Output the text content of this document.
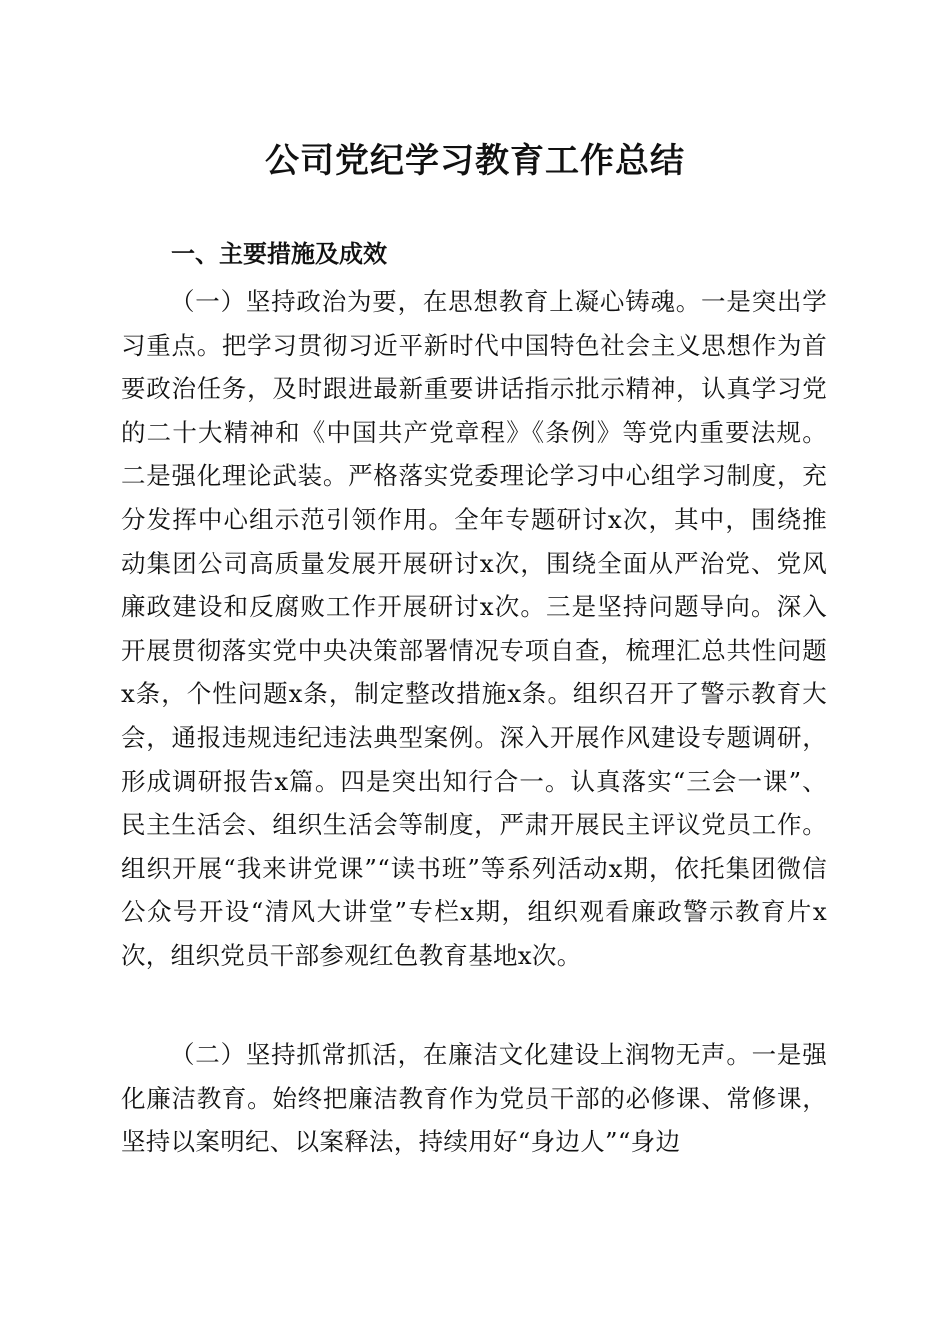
公司党纪学习教育工作总结
一、主要措施及成效

（一）坚持政治为要，在思想教育上凝心铸魂。一是突出学习重点。把学习贯彻习近平新时代中国特色社会主义思想作为首要政治任务，及时跟进最新重要讲话指示批示精神，认真学习党的二十大精神和《中国共产党章程》《条例》等党内重要法规。二是强化理论武装。严格落实党委理论学习中心组学习制度，充分发挥中心组示范引领作用。全年专题研讨x次，其中，围绕推动集团公司高质量发展开展研讨x次，围绕全面从严治党、党风廉政建设和反腐败工作开展研讨x次。三是坚持问题导向。深入开展贯彻落实党中央决策部署情况专项自查，梳理汇总共性问题x条，个性问题x条，制定整改措施x条。组织召开了警示教育大会，通报违规违纪违法典型案例。深入开展作风建设专题调研，形成调研报告x篇。四是突出知行合一。认真落实“三会一课”、民主生活会、组织生活会等制度，严肃开展民主评议党员工作。组织开展“我来讲党课”“读书班”等系列活动x期，依托集团微信公众号开设“清风大讲堂”专栏x期，组织观看廉政警示教育片x次，组织党员干部参观红色教育基地x次。

（二）坚持抓常抓活，在廉洁文化建设上润物无声。一是强化廉洁教育。始终把廉洁教育作为党员干部的必修课、常修课，坚持以案明纪、以案释法，持续用好“身边人”“身边
